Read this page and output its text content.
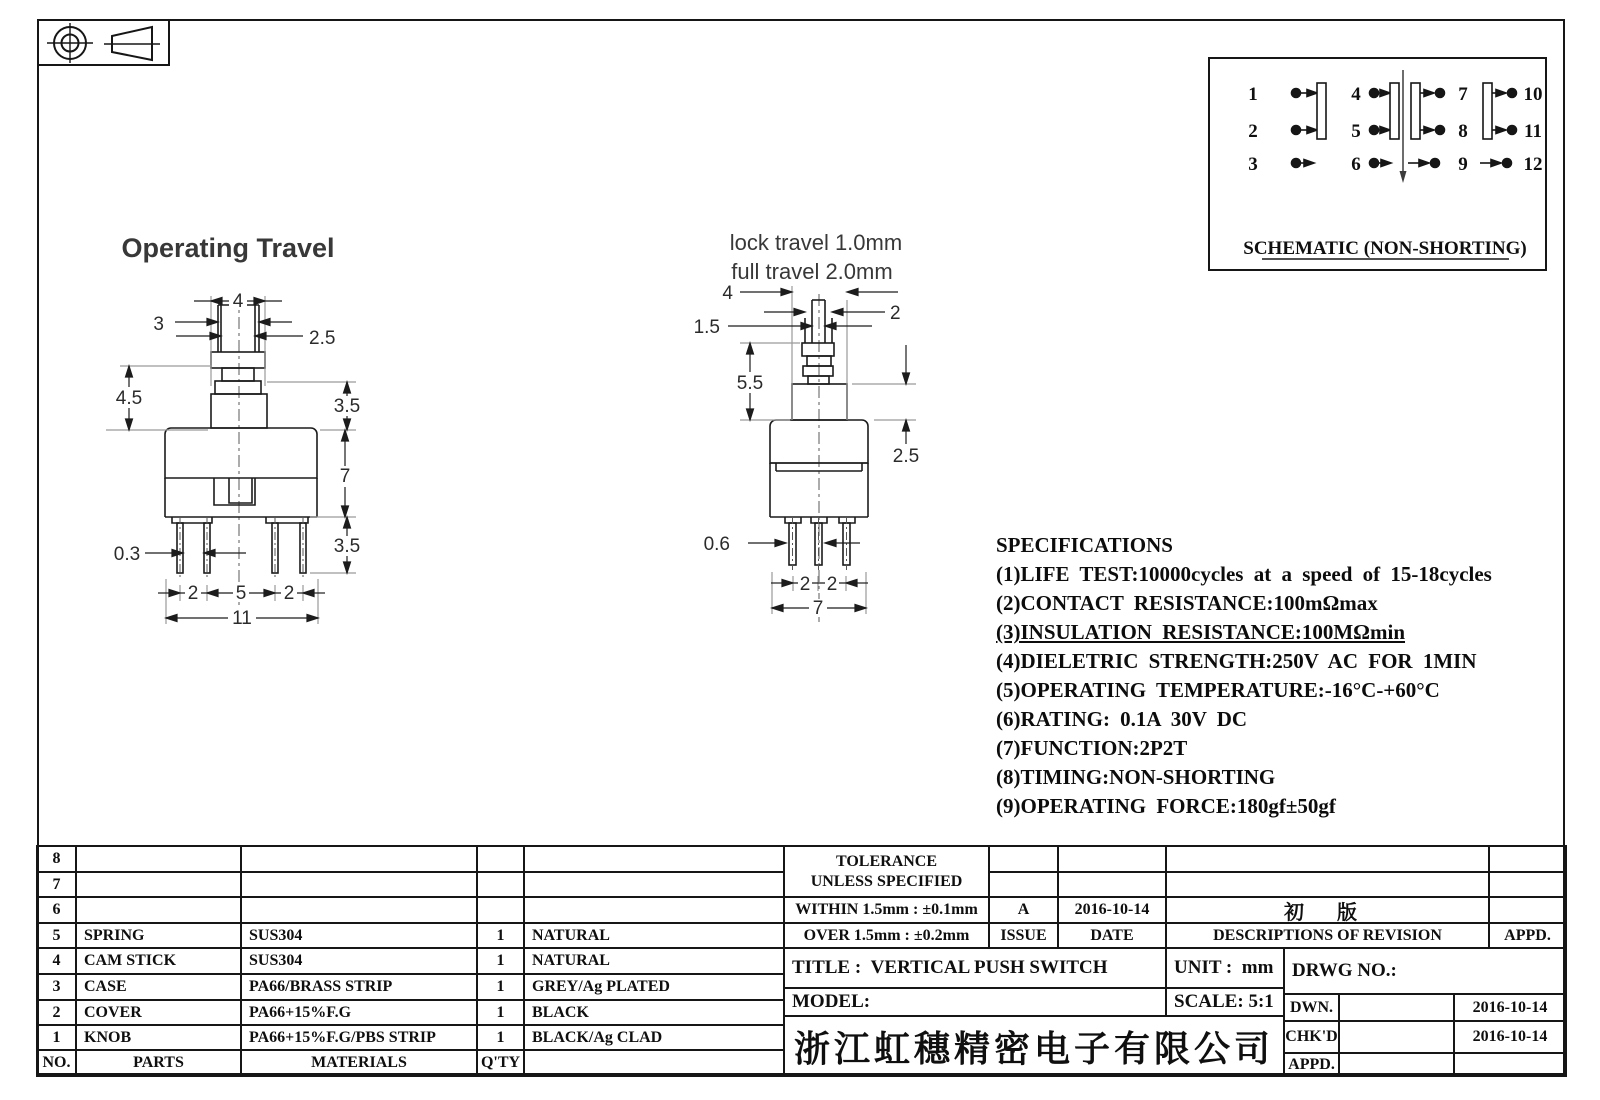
1
2
3
4
5
6
7
8
9
10
11
12
SCHEMATIC (NON-SHORTING)
Operating Travel
4
3
2.5
4.5	3.5
7
3.5
0.3
2 5 2
11
lock travel 1.0mm
full travel 2.0mm
4
2
1.5
5.5
2.5
0.6
2 2
7
SPECIFICATIONS
(1)LIFE TEST:10000cycles at a speed of 15-18cycles
(2)CONTACT RESISTANCE:100mΩmax
(3)INSULATION RESISTANCE:100MΩmin
(4)DIELETRIC STRENGTH:250V AC FOR 1MIN
(5)OPERATING TEMPERATURE:-16°C-+60°C
(6)RATING: 0.1A 30V DC
(7)FUNCTION:2P2T
(8)TIMING:NON-SHORTING
(9)OPERATING FORCE:180gf±50gf
8
7
6
5	SPRING	SUS304	1	NATURAL
4	CAM STICK	SUS304	1	NATURAL
3	CASE	PA66/BRASS STRIP	1	GREY/Ag PLATED
2	COVER	PA66+15%F.G	1	BLACK
1	KNOB	PA66+15%F.G/PBS STRIP	1	BLACK/Ag CLAD
NO.	PARTS	MATERIALS	Q'TY
TOLERANCE
UNLESS SPECIFIED
WITHIN 1.5mm : ±0.1mm	A	2016-10-14	初 版
OVER 1.5mm : ±0.2mm	ISSUE	DATE	DESCRIPTIONS OF REVISION	APPD.
TITLE :
VERTICAL PUSH SWITCH	UNIT :
mm
MODEL:	SCALE:
5:1
浙江虹穗精密电子有限公司
DRWG NO.:
DWN.	2016-10-14
CHK'D	2016-10-14
APPD.
